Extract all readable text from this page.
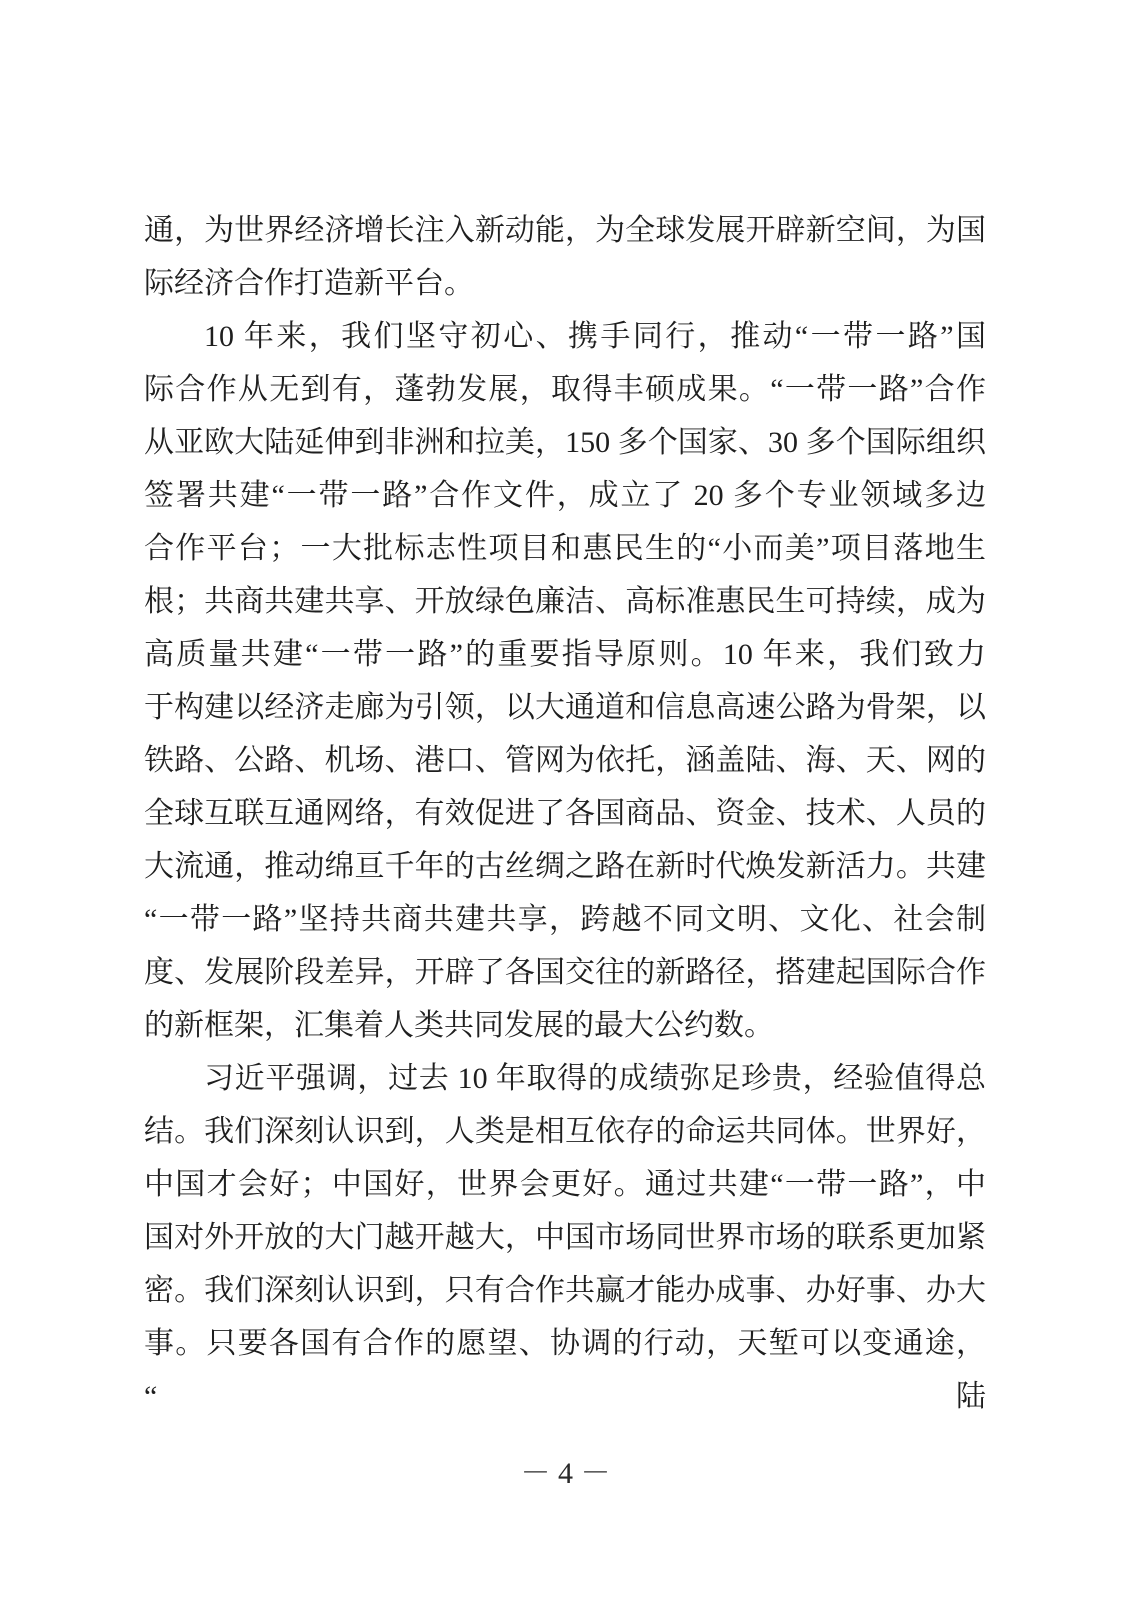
通，为世界经济增长注入新动能，为全球发展开辟新空间，为国
际经济合作打造新平台。
10 年来，我们坚守初心、携手同行，推动“一带一路”国
际合作从无到有，蓬勃发展，取得丰硕成果。“一带一路”合作
从亚欧大陆延伸到非洲和拉美，150 多个国家、30 多个国际组织
签署共建“一带一路”合作文件，成立了 20 多个专业领域多边
合作平台；一大批标志性项目和惠民生的“小而美”项目落地生
根；共商共建共享、开放绿色廉洁、高标准惠民生可持续，成为
高质量共建“一带一路”的重要指导原则。10 年来，我们致力
于构建以经济走廊为引领，以大通道和信息高速公路为骨架，以
铁路、公路、机场、港口、管网为依托，涵盖陆、海、天、网的
全球互联互通网络，有效促进了各国商品、资金、技术、人员的
大流通，推动绵亘千年的古丝绸之路在新时代焕发新活力。共建
“一带一路”坚持共商共建共享，跨越不同文明、文化、社会制
度、发展阶段差异，开辟了各国交往的新路径，搭建起国际合作
的新框架，汇集着人类共同发展的最大公约数。
习近平强调，过去 10 年取得的成绩弥足珍贵，经验值得总
结。我们深刻认识到，人类是相互依存的命运共同体。世界好，
中国才会好；中国好，世界会更好。通过共建“一带一路”，中
国对外开放的大门越开越大，中国市场同世界市场的联系更加紧
密。我们深刻认识到，只有合作共赢才能办成事、办好事、办大
事。只要各国有合作的愿望、协调的行动，天堑可以变通途，“陆
－ 4 －
